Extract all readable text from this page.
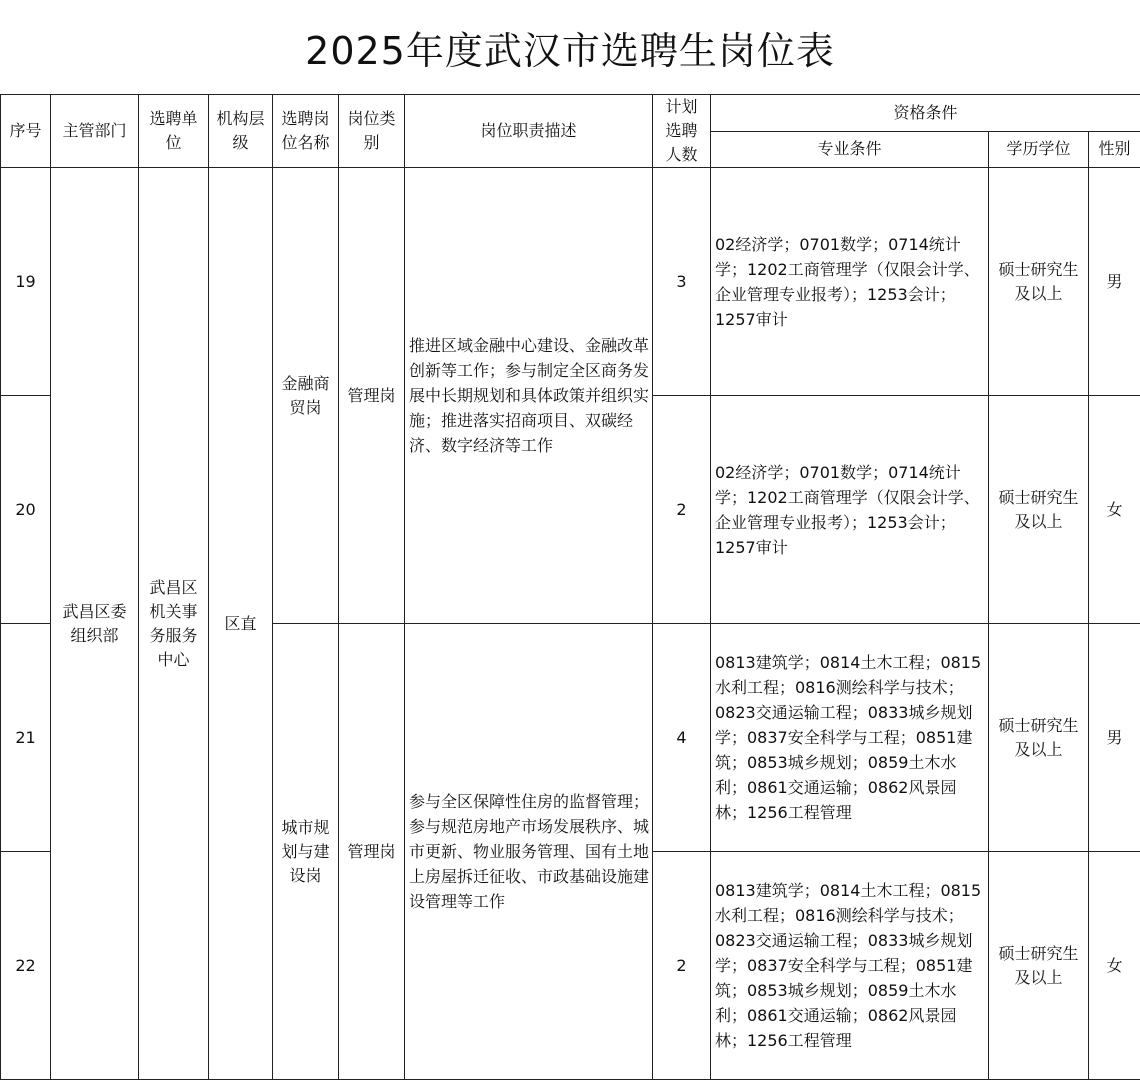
2025年度武汉市选聘生岗位表
序号	主管部门	选聘单位	机构层级	选聘岗位名称	岗位类别	岗位职责描述	计划选聘人数	资格条件		

								专业条件	学历学位	性别

19	武昌区委组织部	武昌区机关事务服务中心	区直	金融商贸岗	管理岗	推进区域金融中心建设、金融改革创新等工作；参与制定全区商务发展中长期规划和具体政策并组织实施；推进落实招商项目、双碳经济、数字经济等工作	3	02经济学；0701数学；0714统计学；1202工商管理学（仅限会计学、企业管理专业报考）；1253会计；1257审计	硕士研究生及以上	男
20							2	02经济学；0701数学；0714统计学；1202工商管理学（仅限会计学、企业管理专业报考）；1253会计；1257审计	硕士研究生及以上	女
21				城市规划与建设岗	管理岗	参与全区保障性住房的监督管理；参与规范房地产市场发展秩序、城市更新、物业服务管理、国有土地上房屋拆迁征收、市政基础设施建设管理等工作	4	0813建筑学；0814土木工程；0815水利工程；0816测绘科学与技术；0823交通运输工程；0833城乡规划学；0837安全科学与工程；0851建筑；0853城乡规划；0859土木水利；0861交通运输；0862风景园林；1256工程管理	硕士研究生及以上	男
22							2	0813建筑学；0814土木工程；0815水利工程；0816测绘科学与技术；0823交通运输工程；0833城乡规划学；0837安全科学与工程；0851建筑；0853城乡规划；0859土木水利；0861交通运输；0862风景园林；1256工程管理	硕士研究生及以上	女
